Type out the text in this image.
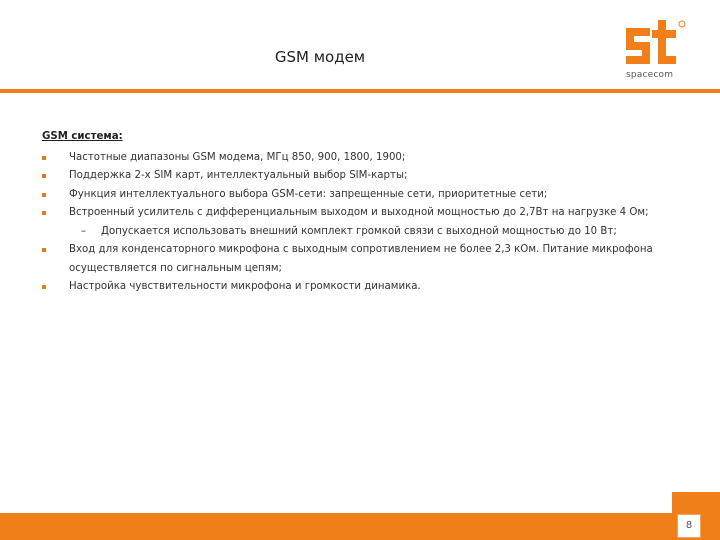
GSM модем
spacecom
GSM система:
Частотные диапазоны GSM модема, МГц 850, 900, 1800, 1900;
Поддержка 2-х SIM карт, интеллектуальный выбор SIM-карты;
Функция интеллектуального выбора GSM-сети: запрещенные сети, приоритетные сети;
Встроенный усилитель с дифференциальным выходом и выходной мощностью до 2,7Вт на нагрузке 4 Ом;
– Допускается использовать внешний комплект громкой связи с выходной мощностью до 10 Вт;
Вход для конденсаторного микрофона с выходным сопротивлением не более 2,3 кОм. Питание микрофона осуществляется по сигнальным цепям;
Настройка чувствительности микрофона и громкости динамика.
8
